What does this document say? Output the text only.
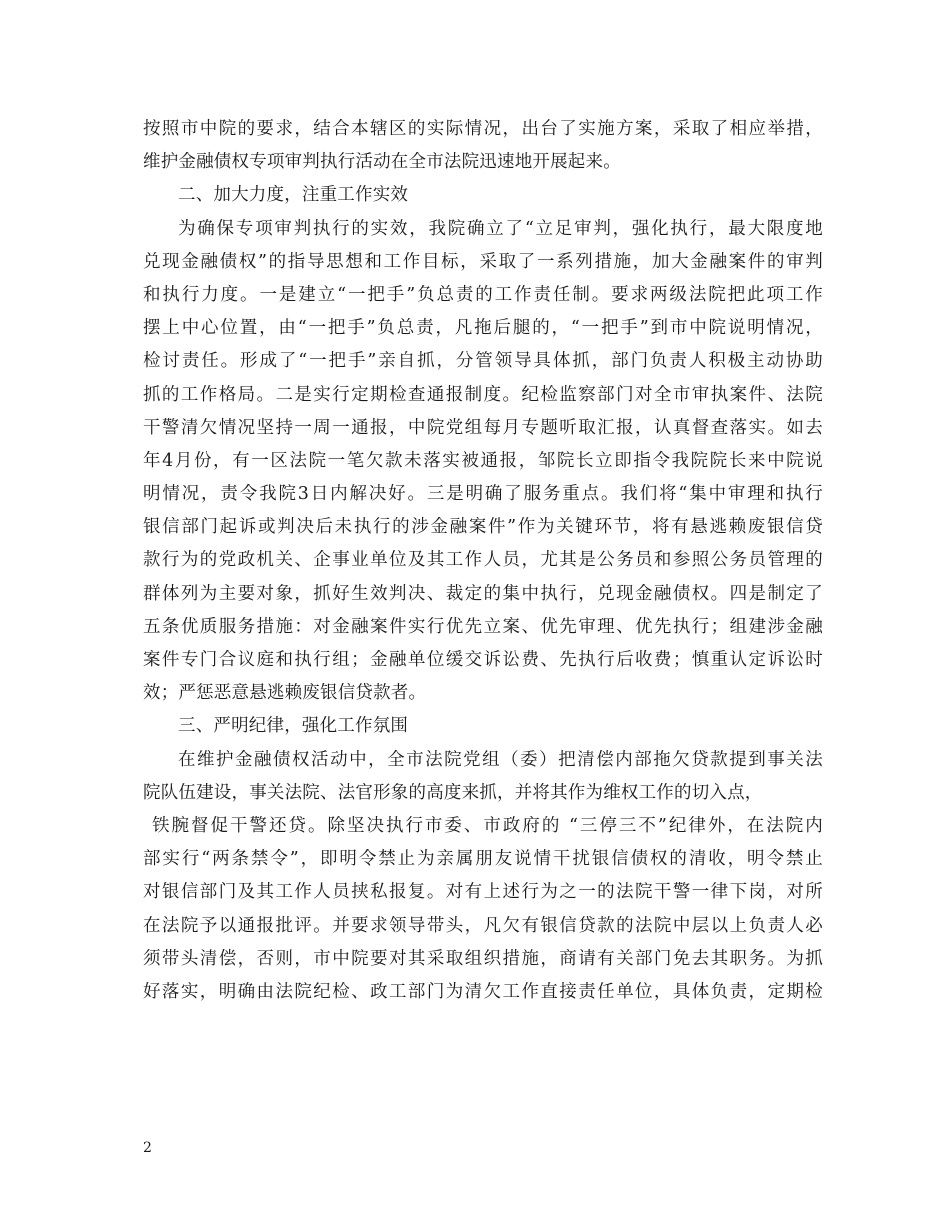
按照市中院的要求，结合本辖区的实际情况，出台了实施方案，采取了相应举措，
维护金融债权专项审判执行活动在全市法院迅速地开展起来。
二、加大力度，注重工作实效
为确保专项审判执行的实效，我院确立了“立足审判，强化执行，最大限度地
兑现金融债权”的指导思想和工作目标，采取了一系列措施，加大金融案件的审判
和执行力度。一是建立“一把手”负总责的工作责任制。要求两级法院把此项工作
摆上中心位置，由“一把手”负总责，凡拖后腿的，“一把手”到市中院说明情况，
检讨责任。形成了“一把手”亲自抓，分管领导具体抓，部门负责人积极主动协助
抓的工作格局。二是实行定期检查通报制度。纪检监察部门对全市审执案件、法院
干警清欠情况坚持一周一通报，中院党组每月专题听取汇报，认真督查落实。如去
年4月份，有一区法院一笔欠款未落实被通报，邹院长立即指令我院院长来中院说
明情况，责令我院3日内解决好。三是明确了服务重点。我们将“集中审理和执行
银信部门起诉或判决后未执行的涉金融案件”作为关键环节，将有悬逃赖废银信贷
款行为的党政机关、企事业单位及其工作人员，尤其是公务员和参照公务员管理的
群体列为主要对象，抓好生效判决、裁定的集中执行，兑现金融债权。四是制定了
五条优质服务措施：对金融案件实行优先立案、优先审理、优先执行；组建涉金融
案件专门合议庭和执行组；金融单位缓交诉讼费、先执行后收费；慎重认定诉讼时
效；严惩恶意悬逃赖废银信贷款者。
三、严明纪律，强化工作氛围
在维护金融债权活动中，全市法院党组（委）把清偿内部拖欠贷款提到事关法
院队伍建设，事关法院、法官形象的高度来抓，并将其作为维权工作的切入点，
铁腕督促干警还贷。除坚决执行市委、市政府的 “三停三不”纪律外，在法院内
部实行“两条禁令”，即明令禁止为亲属朋友说情干扰银信债权的清收，明令禁止
对银信部门及其工作人员挟私报复。对有上述行为之一的法院干警一律下岗，对所
在法院予以通报批评。并要求领导带头，凡欠有银信贷款的法院中层以上负责人必
须带头清偿，否则，市中院要对其采取组织措施，商请有关部门免去其职务。为抓
好落实，明确由法院纪检、政工部门为清欠工作直接责任单位，具体负责，定期检
2
